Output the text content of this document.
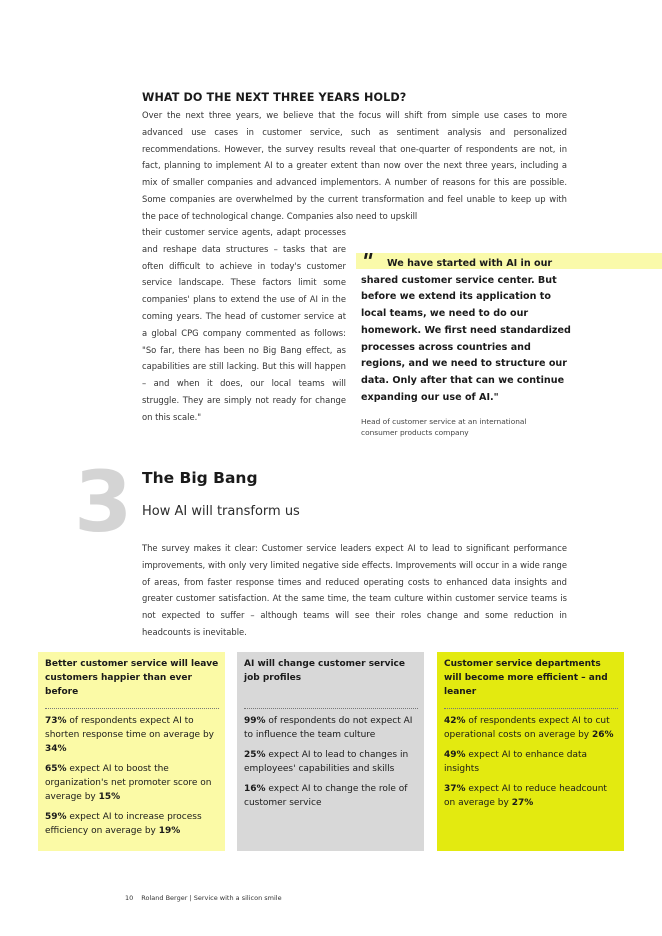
WHAT DO THE NEXT THREE YEARS HOLD?
Over the next three years, we believe that the focus will shift from simple use cases to more advanced use cases in customer service, such as sentiment analysis and personalized recommendations. However, the survey results reveal that one-quarter of respondents are not, in fact, planning to implement AI to a greater extent than now over the next three years, including a mix of smaller companies and advanced implementors. A number of reasons for this are possible. Some companies are overwhelmed by the current transformation and feel unable to keep up with the pace of technological change. Companies also need to upskill
their customer service agents, adapt processes and reshape data structures – tasks that are often difficult to achieve in today's customer service landscape. These factors limit some companies' plans to extend the use of AI in the coming years. The head of customer service at a global CPG company commented as follows: "So far, there has been no Big Bang effect, as capabilities are still lacking. But this will happen – and when it does, our local teams will struggle. They are simply not ready for change on this scale."
"	We have started with AI in our
shared customer service center. But before we extend its application to local teams, we need to do our homework. We first need standardized processes across countries and regions, and we need to structure our data. Only after that can we continue expanding our use of AI."
Head of customer service at an international consumer products company
3 The Big Bang
How AI will transform us
The survey makes it clear: Customer service leaders expect AI to lead to significant performance improvements, with only very limited negative side effects. Improvements will occur in a wide range of areas, from faster response times and reduced operating costs to enhanced data insights and greater customer satisfaction. At the same time, the team culture within customer service teams is not expected to suffer – although teams will see their roles change and some reduction in headcounts is inevitable.
Better customer service will leave customers happier than ever before
73% of respondents expect AI to shorten response time on average by 34%
65% expect AI to boost the organization's net promoter score on average by 15%
59% expect AI to increase process efficiency on average by 19%
AI will change customer service job profiles
99% of respondents do not expect AI to influence the team culture
25% expect AI to lead to changes in employees' capabilities and skills
16% expect AI to change the role of customer service
Customer service departments will become more efficient – and leaner
42% of respondents expect AI to cut operational costs on average by 26%
49% expect AI to enhance data insights
37% expect AI to reduce headcount on average by 27%
10 Roland Berger | Service with a silicon smile
